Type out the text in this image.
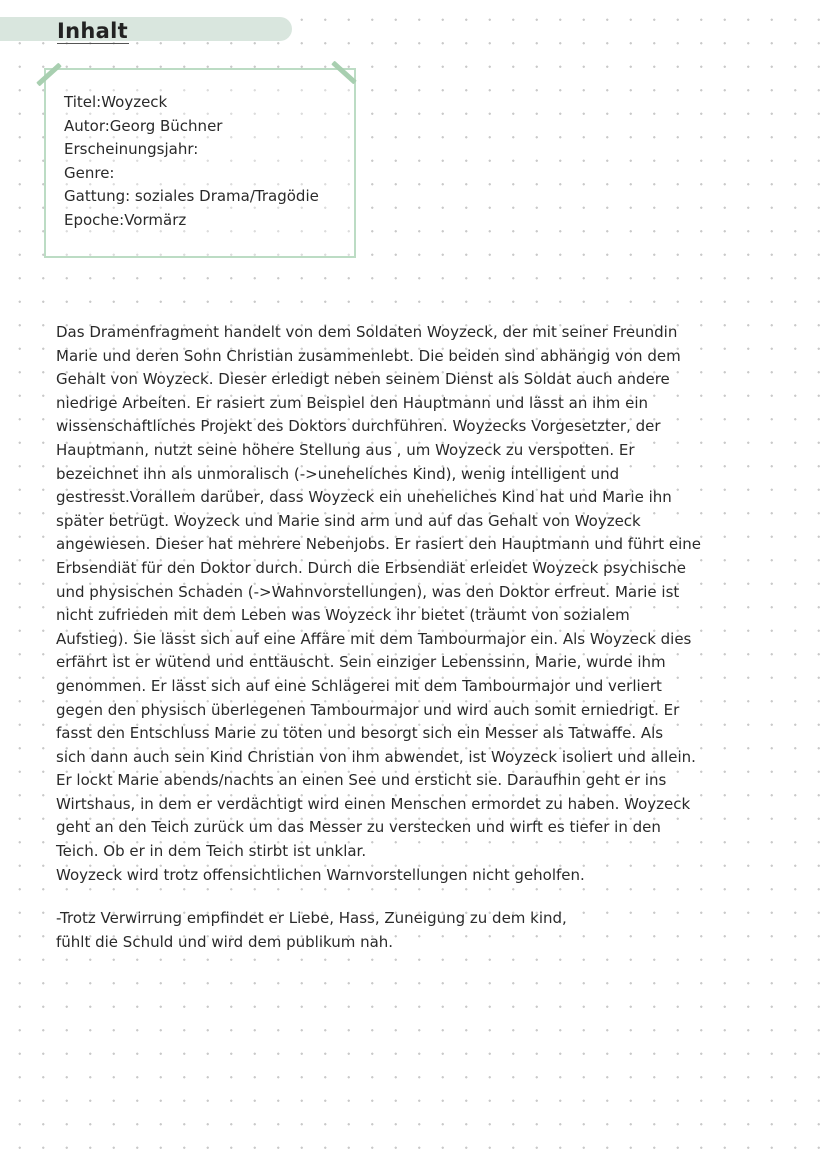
Inhalt
Titel:Woyzeck
Autor:Georg Büchner
Erscheinungsjahr:
Genre:
Gattung: soziales Drama/Tragödie
Epoche:Vormärz
Das Dramenfragment handelt von dem Soldaten Woyzeck, der mit seiner Freundin
Marie und deren Sohn Christian zusammenlebt. Die beiden sind abhängig von dem
Gehalt von Woyzeck. Dieser erledigt neben seinem Dienst als Soldat auch andere
niedrige Arbeiten. Er rasiert zum Beispiel den Hauptmann und lässt an ihm ein
wissenschaftliches Projekt des Doktors durchführen. Woyzecks Vorgesetzter, der
Hauptmann, nutzt seine höhere Stellung aus , um Woyzeck zu verspotten. Er
bezeichnet ihn als unmoralisch (->uneheliches Kind), wenig intelligent und
gestresst.Vorallem darüber, dass Woyzeck ein uneheliches Kind hat und Marie ihn
später betrügt. Woyzeck und Marie sind arm und auf das Gehalt von Woyzeck
angewiesen. Dieser hat mehrere Nebenjobs. Er rasiert den Hauptmann und führt eine
Erbsendiät für den Doktor durch. Durch die Erbsendiät erleidet Woyzeck psychische
und physischen Schaden (->Wahnvorstellungen), was den Doktor erfreut. Marie ist
nicht zufrieden mit dem Leben was Woyzeck ihr bietet (träumt von sozialem
Aufstieg). Sie lässt sich auf eine Affäre mit dem Tambourmajor ein. Als Woyzeck dies
erfährt ist er wütend und enttäuscht. Sein einziger Lebenssinn, Marie, wurde ihm
genommen. Er lässt sich auf eine Schlägerei mit dem Tambourmajor und verliert
gegen den physisch überlegenen Tambourmajor und wird auch somit erniedrigt. Er
fasst den Entschluss Marie zu töten und besorgt sich ein Messer als Tatwaffe. Als
sich dann auch sein Kind Christian von ihm abwendet, ist Woyzeck isoliert und allein.
Er lockt Marie abends/nachts an einen See und ersticht sie. Daraufhin geht er ins
Wirtshaus, in dem er verdächtigt wird einen Menschen ermordet zu haben. Woyzeck
geht an den Teich zurück um das Messer zu verstecken und wirft es tiefer in den
Teich. Ob er in dem Teich stirbt ist unklar.
Woyzeck wird trotz offensichtlichen Warnvorstellungen nicht geholfen.
-Trotz Verwirrung empfindet er Liebe, Hass, Zuneigung zu dem kind,
fühlt die Schuld und wird dem publikum nah.
